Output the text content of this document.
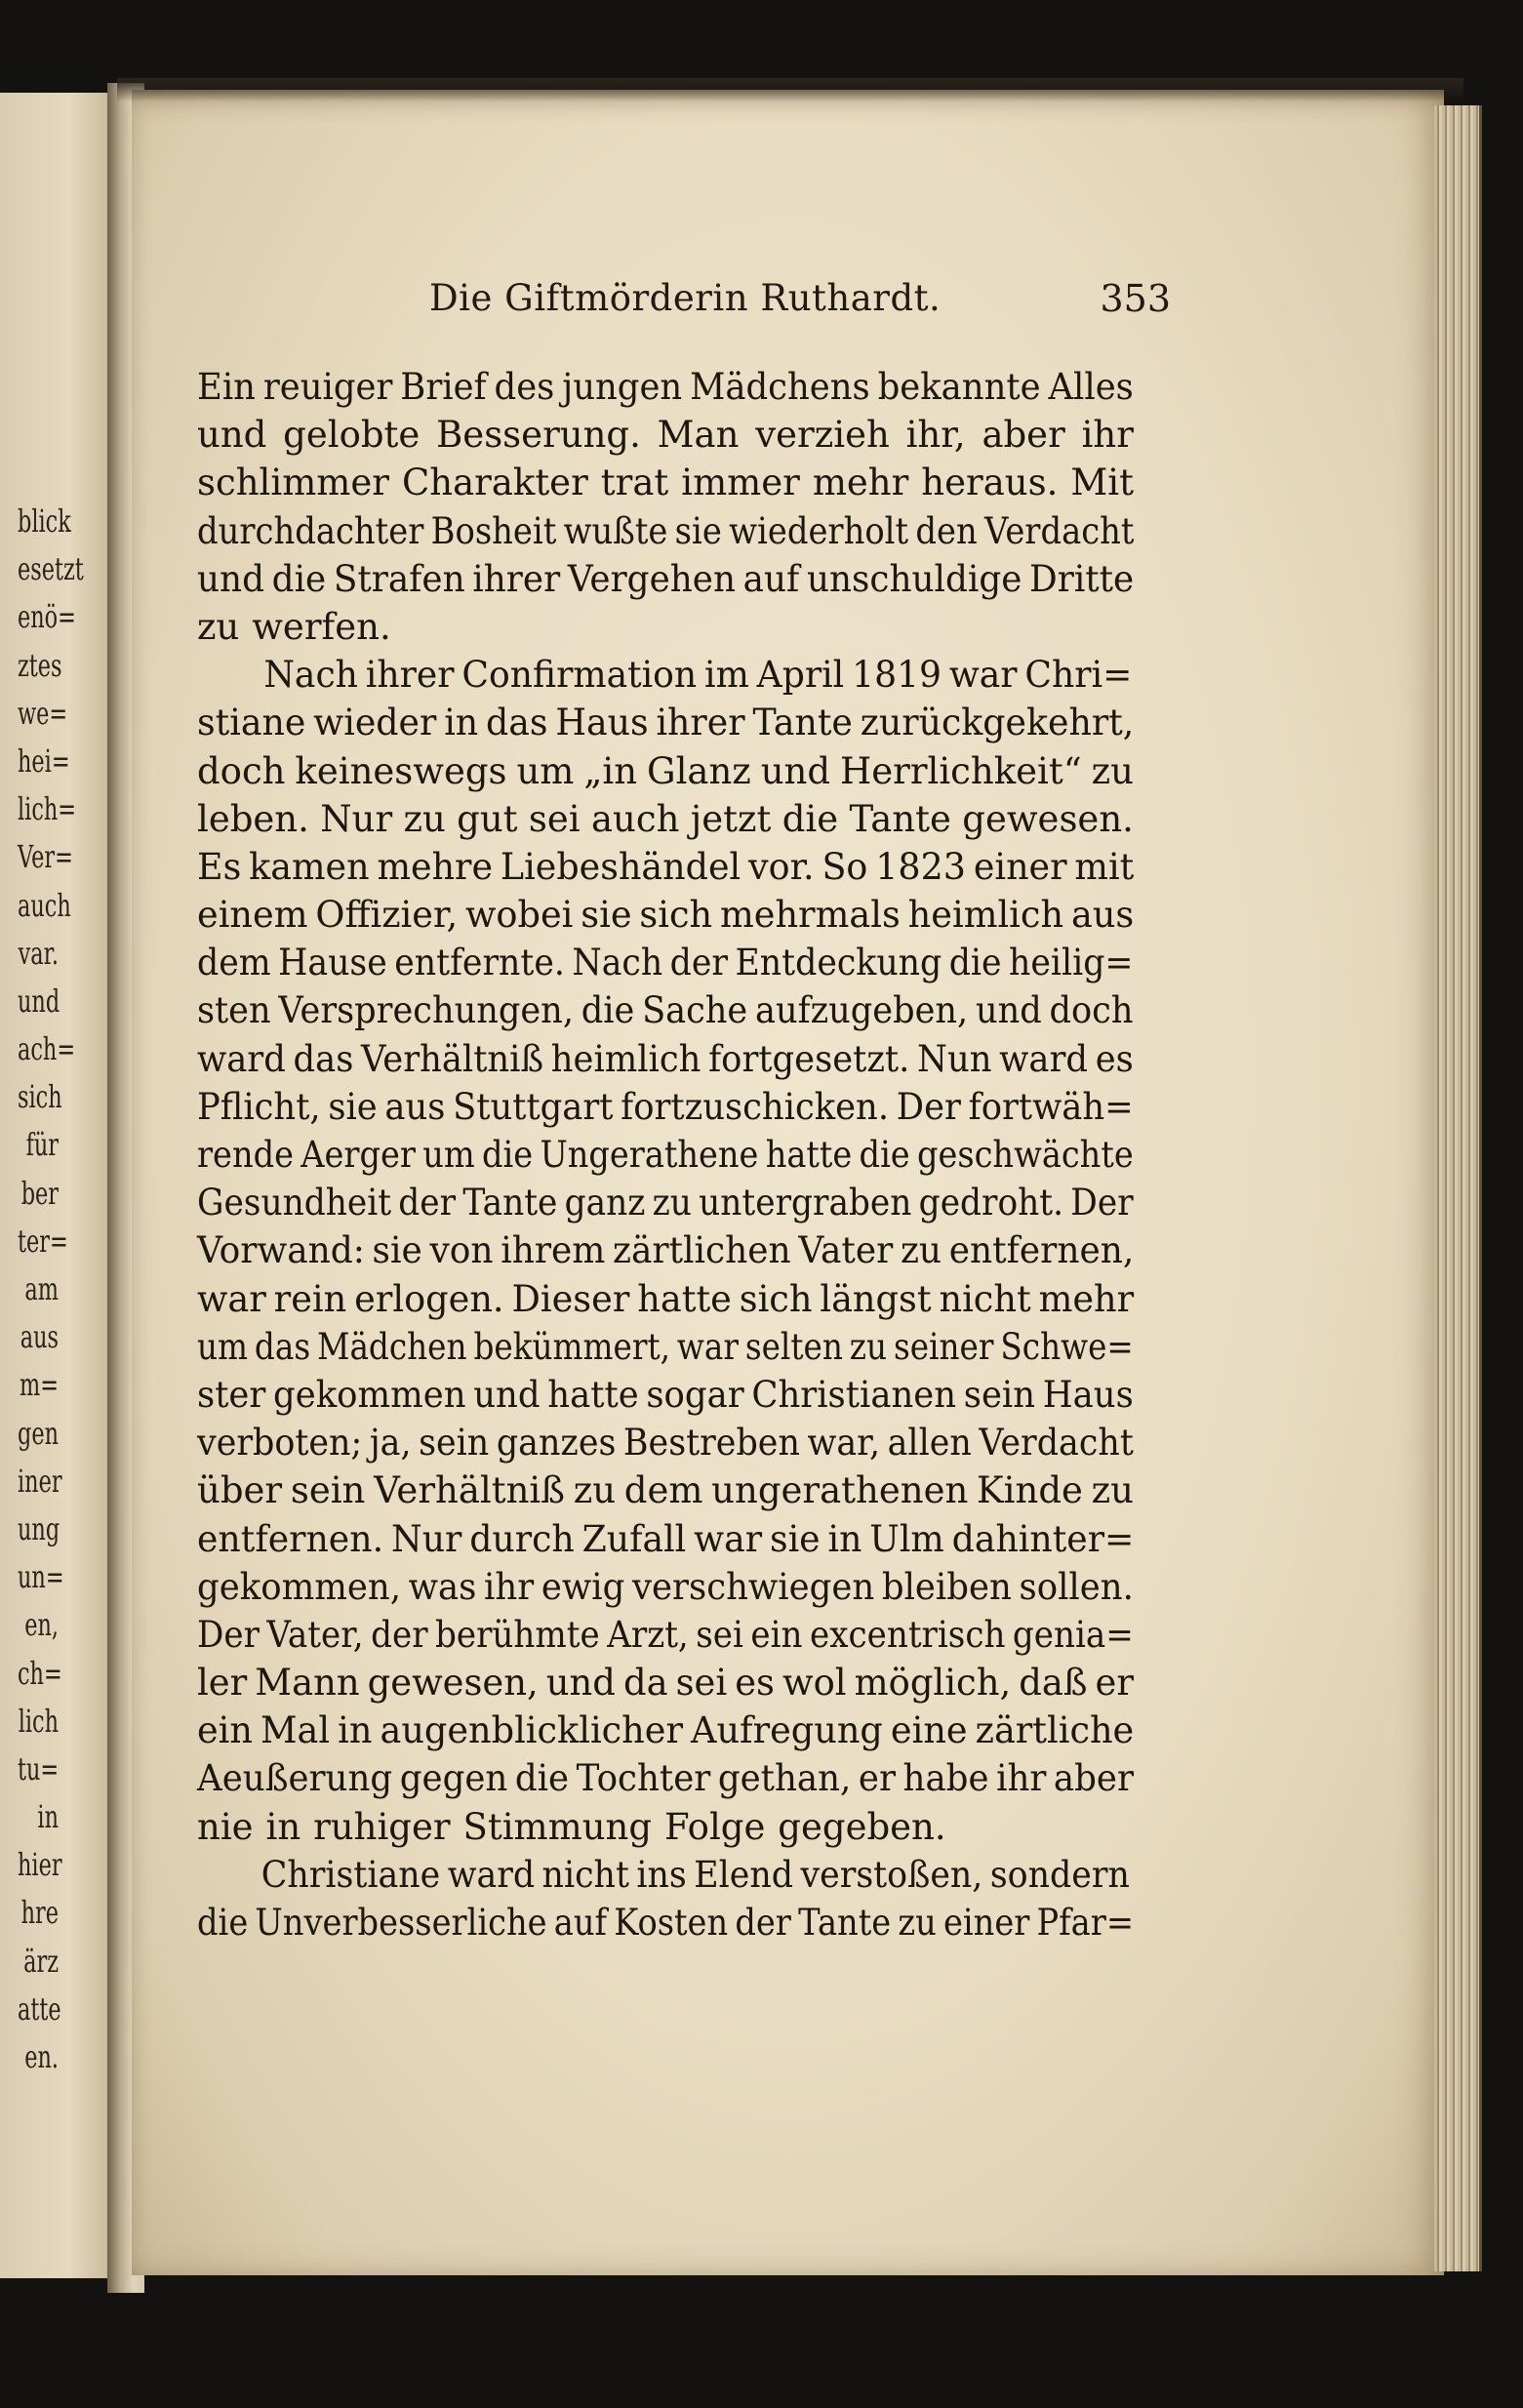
blick
esetzt
enö=
ztes
we=
hei=
lich=
Ver=
auch
var.
und
ach=
sich
für
ber
ter=
am
aus
m=
gen
iner
ung
un=
en,
ch=
lich
tu=
in
hier
hre
ärz
atte
en.
Die Giftmörderin Ruthardt.	353
Ein reuiger Brief des jungen Mädchens bekannte Alles
und gelobte Besserung. Man verzieh ihr, aber ihr
schlimmer Charakter trat immer mehr heraus. Mit
durchdachter Bosheit wußte sie wiederholt den Verdacht
und die Strafen ihrer Vergehen auf unschuldige Dritte
zu werfen.
Nach ihrer Confirmation im April 1819 war Chri=
stiane wieder in das Haus ihrer Tante zurückgekehrt,
doch keineswegs um „in Glanz und Herrlichkeit“ zu
leben. Nur zu gut sei auch jetzt die Tante gewesen.
Es kamen mehre Liebeshändel vor. So 1823 einer mit
einem Offizier, wobei sie sich mehrmals heimlich aus
dem Hause entfernte. Nach der Entdeckung die heilig=
sten Versprechungen, die Sache aufzugeben, und doch
ward das Verhältniß heimlich fortgesetzt. Nun ward es
Pflicht, sie aus Stuttgart fortzuschicken. Der fortwäh=
rende Aerger um die Ungerathene hatte die geschwächte
Gesundheit der Tante ganz zu untergraben gedroht. Der
Vorwand: sie von ihrem zärtlichen Vater zu entfernen,
war rein erlogen. Dieser hatte sich längst nicht mehr
um das Mädchen bekümmert, war selten zu seiner Schwe=
ster gekommen und hatte sogar Christianen sein Haus
verboten; ja, sein ganzes Bestreben war, allen Verdacht
über sein Verhältniß zu dem ungerathenen Kinde zu
entfernen. Nur durch Zufall war sie in Ulm dahinter=
gekommen, was ihr ewig verschwiegen bleiben sollen.
Der Vater, der berühmte Arzt, sei ein excentrisch genia=
ler Mann gewesen, und da sei es wol möglich, daß er
ein Mal in augenblicklicher Aufregung eine zärtliche
Aeußerung gegen die Tochter gethan, er habe ihr aber
nie in ruhiger Stimmung Folge gegeben.
Christiane ward nicht ins Elend verstoßen, sondern
die Unverbesserliche auf Kosten der Tante zu einer Pfar=
